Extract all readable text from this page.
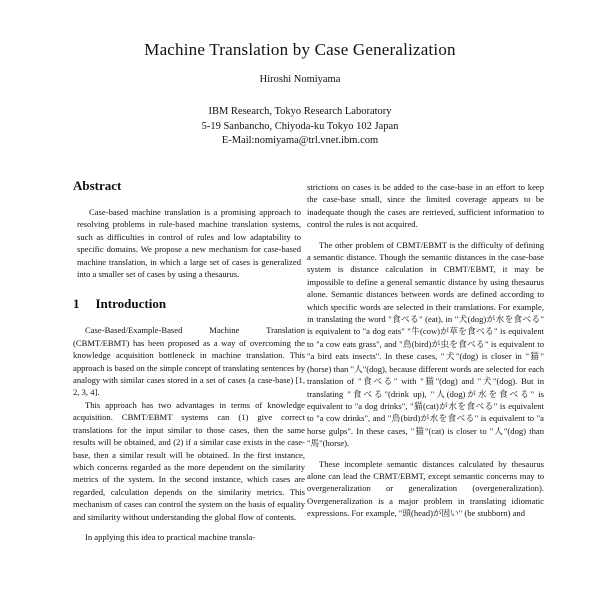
Machine Translation by Case Generalization
Hiroshi Nomiyama
IBM Research, Tokyo Research Laboratory
5-19 Sanbancho, Chiyoda-ku Tokyo 102 Japan
E-Mail:nomiyama@trl.vnet.ibm.com
Abstract

Case-based machine translation is a promising approach to resolving problems in rule-based machine translation systems, such as difficulties in control of rules and low adaptability to specific domains. We propose a new mechanism for case-based machine translation, in which a large set of cases is generalized into a smaller set of cases by using a thesaurus.

1 Introduction

Case-Based/Example-Based Machine Translation (CBMT/EBMT) has been proposed as a way of overcoming the knowledge acquisition bottleneck in machine translation. This approach is based on the simple concept of translating sentences by analogy with similar cases stored in a set of cases (a case-base) [1, 2, 3, 4].

This approach has two advantages in terms of knowledge acquisition. CBMT/EBMT systems can (1) give correct translations for the input similar to those cases, then the same results will be obtained, and (2) if a similar case exists in the case-base, then a similar result will be obtained. In the first instance, which concerns regarded as the more dependent on the similarity metrics of the system. In the second instance, which cases are regarded, calculation depends on the similarity metrics. This mechanism of cases can control the system on the basis of equality and similarity without understanding the global flow of contents.

In applying this idea to practical machine transla-

strictions on cases is be added to the case-base in an effort to keep the case-base small, since the limited coverage appears to be inadequate though the cases are retrieved, sufficient information to control the rules is not acquired.

The other problem of CBMT/EBMT is the difficulty of defining a semantic distance. Though the semantic distances in the case-base system is distance calculation in CBMT/EBMT, it may be impossible to define a general semantic distance by using thesaurus alone. Semantic distances between words are defined according to which specific words are selected in their translations. For example, in translating the word "食べる" (eat), in "犬(dog)が水を食べる" is equivalent to "a dog eats" "牛(cow)が草を食べる" is equivalent to "a cow eats grass", and "鳥(bird)が虫を食べる" is equivalent to "a bird eats insects". In these cases, "犬"(dog) is closer in "猫"(horse) than "人"(dog), because different words are selected for each translation of "食べる" with "猫"(dog) and "犬"(dog). But in translating "食べる"(drink up), "人(dog)が水を食べる" is equivalent to "a dog drinks", "猫(cat)が水を食べる" is equivalent to "a cow drinks", and "鳥(bird)が水を食べる" is equivalent to "a horse gulps". In these cases, "猫"(cat) is closer to "人"(dog) than "馬"(horse).

These incomplete semantic distances calculated by thesaurus alone can lead the CBMT/EBMT, except semantic concerns may to overgeneralization or generalization (overgeneralization). Overgeneralization is a major problem in translating idiomatic expressions. For example, "頭(head)が固い" (be stubborn) and
